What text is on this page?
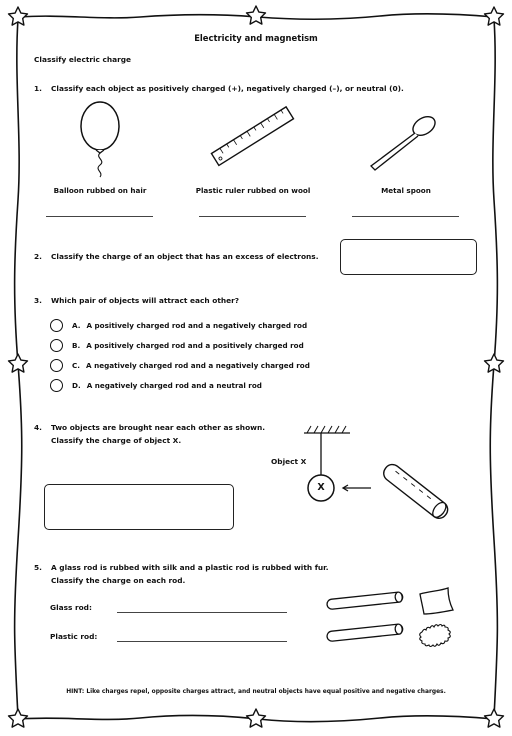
Electricity and magnetism
Classify electric charge
1. Classify each object as positively charged (+), negatively charged (–), or neutral (0).
Balloon rubbed on hair	Plastic ruler rubbed on wool	Metal spoon
2. Classify the charge of an object that has an excess of electrons.
3. Which pair of objects will attract each other?
A. A positively charged rod and a negatively charged rod
B. A positively charged rod and a positively charged rod
C. A negatively charged rod and a negatively charged rod
D. A negatively charged rod and a neutral rod
4. Two objects are brought near each other as shown.
Classify the charge of object X.
Object X
X
5. A glass rod is rubbed with silk and a plastic rod is rubbed with fur.
Classify the charge on each rod.
Glass rod:
Plastic rod:
HINT: Like charges repel, opposite charges attract, and neutral objects have equal positive and negative charges.
